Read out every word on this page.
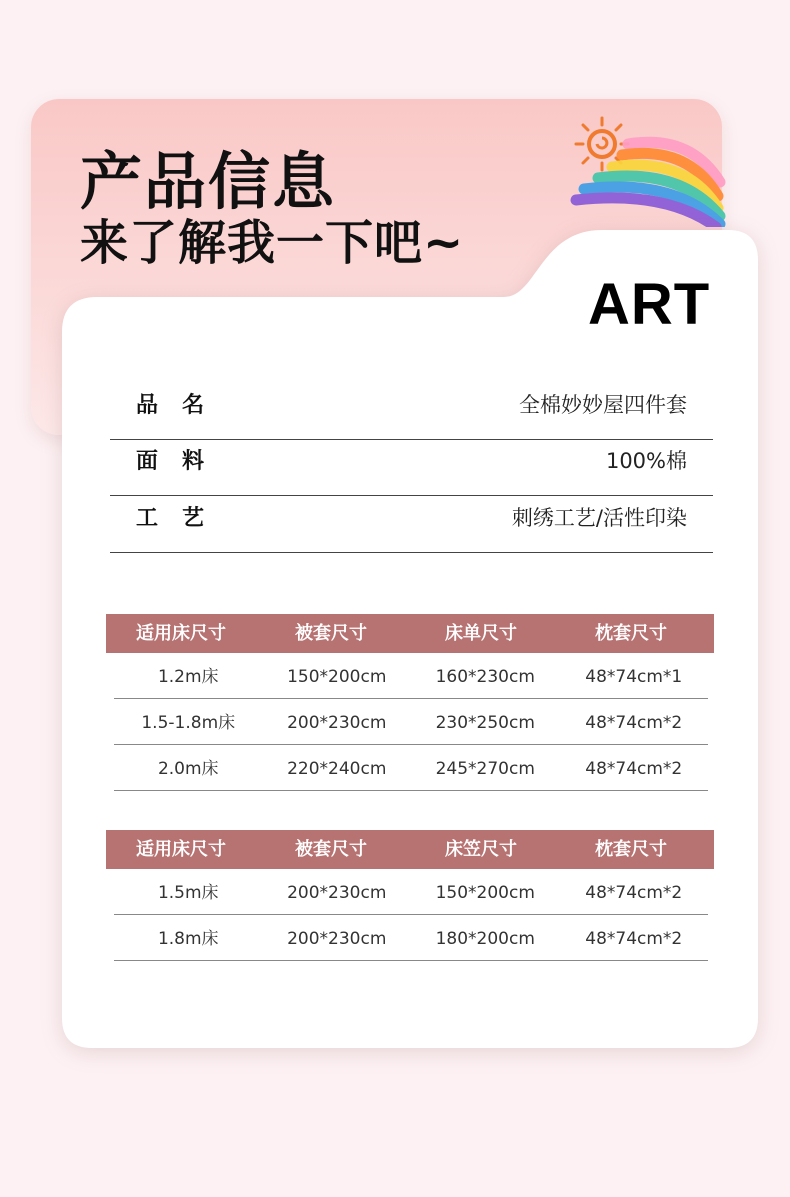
产品信息
来了解我一下吧~
ART
品名	全棉妙妙屋四件套
面料	100%棉
工艺	刺绣工艺/活性印染
适用床尺寸	被套尺寸	床单尺寸	枕套尺寸
1.2m床	150*200cm	160*230cm	48*74cm*1
1.5-1.8m床	200*230cm	230*250cm	48*74cm*2
2.0m床	220*240cm	245*270cm	48*74cm*2
适用床尺寸	被套尺寸	床笠尺寸	枕套尺寸
1.5m床	200*230cm	150*200cm	48*74cm*2
1.8m床	200*230cm	180*200cm	48*74cm*2
